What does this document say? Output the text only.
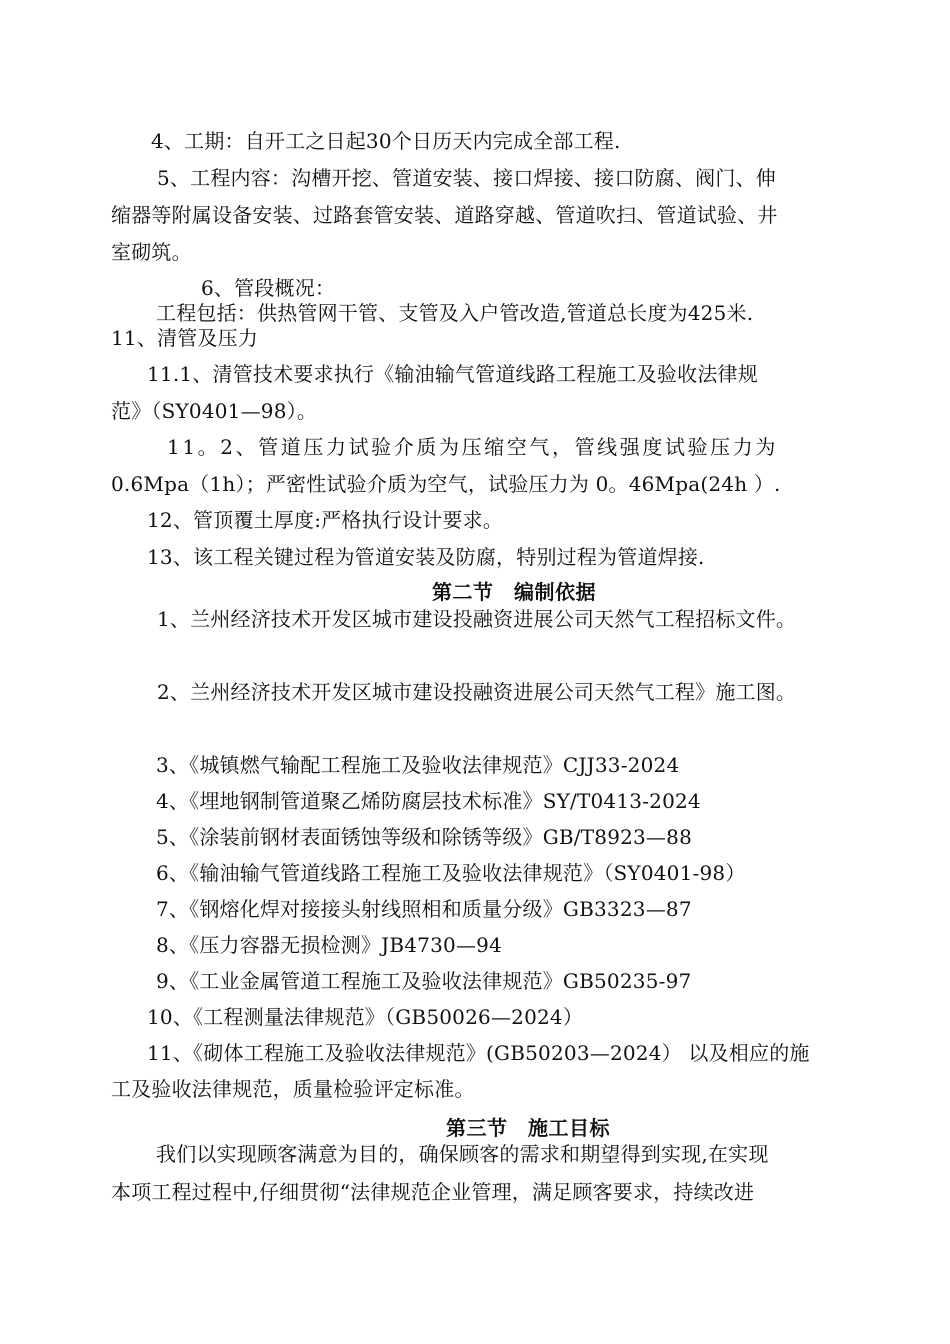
4、工期：自开工之日起30个日历天内完成全部工程.
5、工程内容：沟槽开挖、管道安装、接口焊接、接口防腐、阀门、伸
缩器等附属设备安装、过路套管安装、道路穿越、管道吹扫、管道试验、井
室砌筑。
6、管段概况：
工程包括：供热管网干管、支管及入户管改造,管道总长度为425米.
11、清管及压力
11.1、清管技术要求执行《输油输气管道线路工程施工及验收法律规
范》（SY0401—98）。
11。2、管道压力试验介质为压缩空气，管线强度试验压力为
0.6Mpa（1h）；严密性试验介质为空气，试验压力为 0。46Mpa(24h ）.
12、管顶覆土厚度:严格执行设计要求。
13、该工程关键过程为管道安装及防腐，特别过程为管道焊接.
第二节　编制依据
1、兰州经济技术开发区城市建设投融资进展公司天然气工程招标文件。
2、兰州经济技术开发区城市建设投融资进展公司天然气工程》施工图。
3、《城镇燃气输配工程施工及验收法律规范》CJJ33-2024
4、《埋地钢制管道聚乙烯防腐层技术标准》SY/T0413-2024
5、《涂装前钢材表面锈蚀等级和除锈等级》GB/T8923—88
6、《输油输气管道线路工程施工及验收法律规范》（SY0401-98）
7、《钢熔化焊对接接头射线照相和质量分级》GB3323—87
8、《压力容器无损检测》JB4730—94
9、《工业金属管道工程施工及验收法律规范》GB50235-97
10、《工程测量法律规范》（GB50026—2024）
11、《砌体工程施工及验收法律规范》(GB50203—2024） 以及相应的施
工及验收法律规范，质量检验评定标准。
第三节　施工目标
我们以实现顾客满意为目的，确保顾客的需求和期望得到实现,在实现
本项工程过程中,仔细贯彻“法律规范企业管理，满足顾客要求，持续改进
